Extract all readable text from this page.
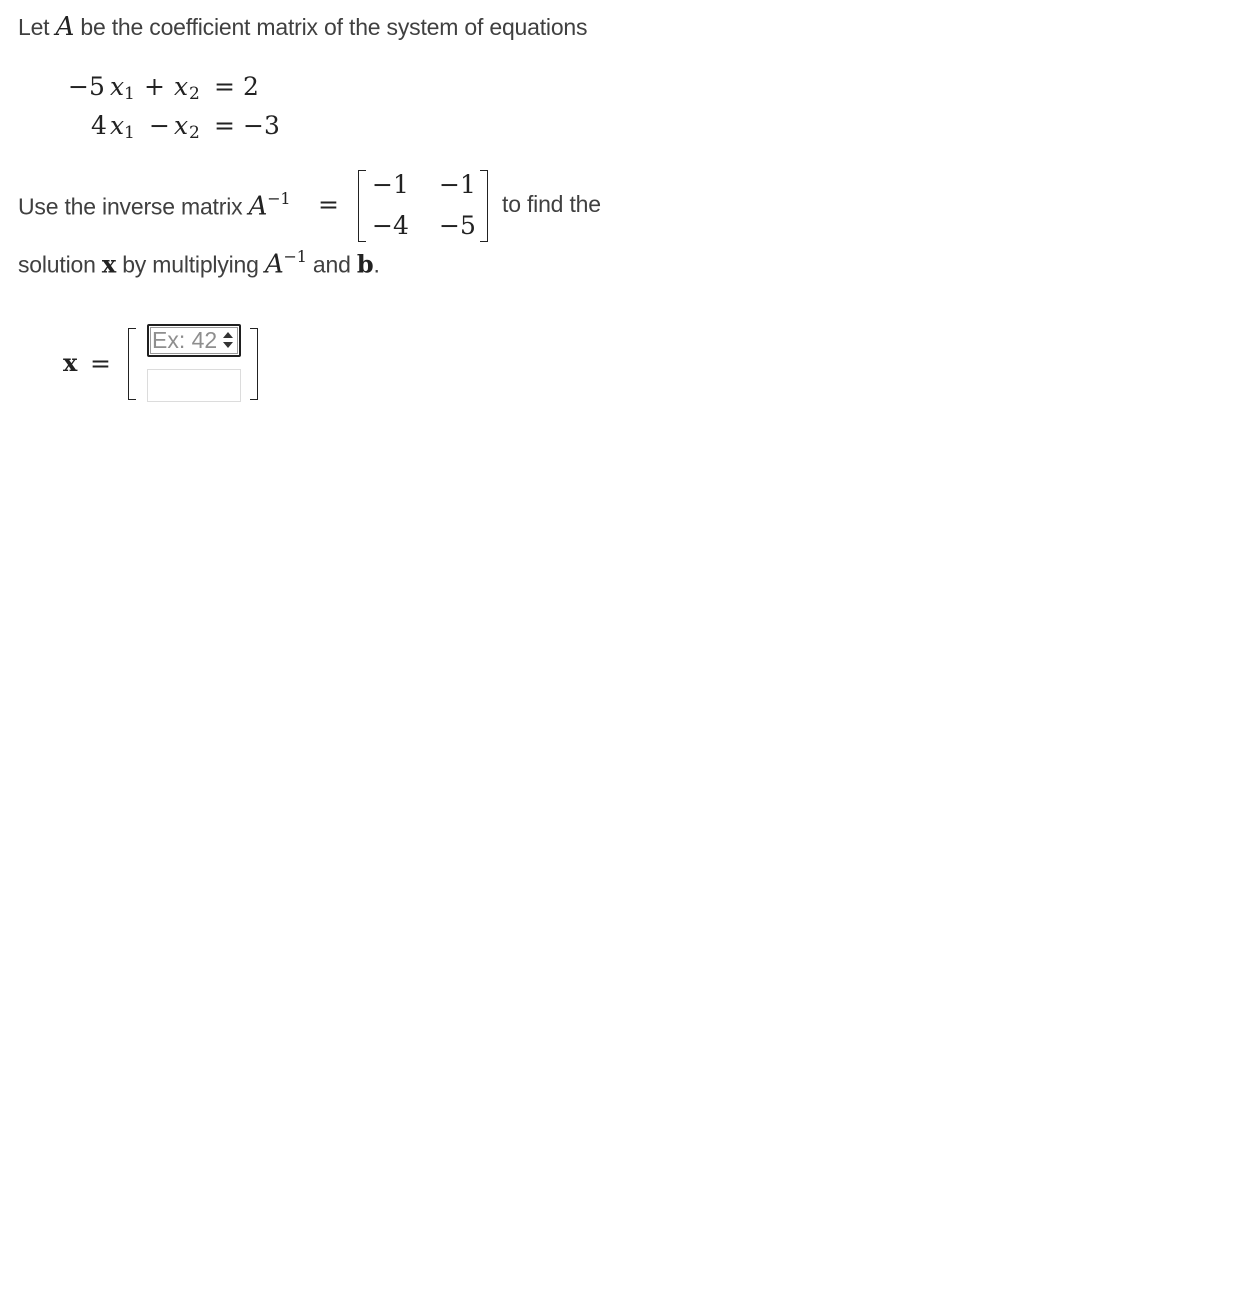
Let A be the coefficient matrix of the system of equations
−5 x 1 + x 2 = 2
4 x 1 − x 2 = −3
Use the inverse matrix $A^{-1}$ =
−1 −1
−4 −5
to find the
solution x by multiplying $A^{-1}$ and b.
x =
Ex: 42
